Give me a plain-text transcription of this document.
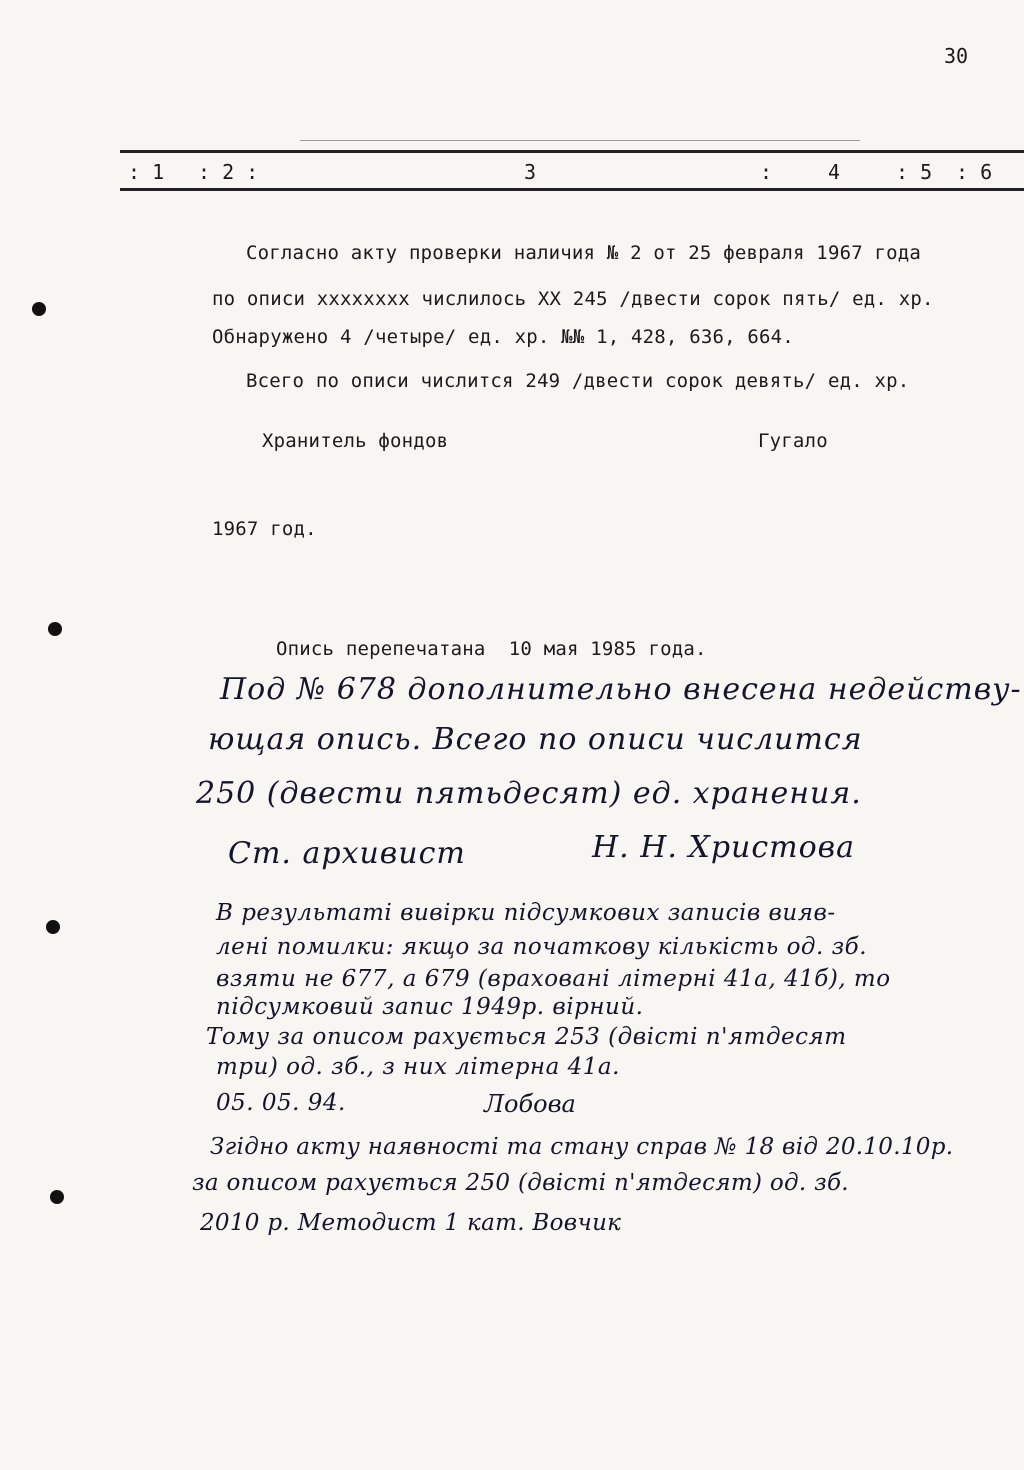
30
: 1 : 2 :	3	:	4	: 5 : 6
Согласно акту проверки наличия № 2 от 25 февраля 1967 года
по описи хххххххх числилось ХХ 245 /двести сорок пять/ ед. хр.
Обнаружено 4 /четыре/ ед. хр. №№ 1, 428, 636, 664.
Всего по описи числится 249 /двести сорок девять/ ед. хр.
Хранитель фондов	Гугало
1967 год.
Опись перепечатана  10 мая 1985 года.
Под № 678 дополнительно внесена недейству-
ющая опись. Всего по описи числится
250 (двести пятьдесят) ед. хранения.
Ст. архивист	Н. Н. Христова
В результаті вивірки підсумкових записів вияв-
лені помилки: якщо за початкову кількість од. зб.
взяти не 677, а 679 (враховані літерні 41а, 41б), то
підсумковий запис 1949р. вірний.
Тому за описом рахується 253 (двісті п'ятдесят
три) од. зб., з них літерна 41а.
05. 05. 94.	Лобова
Згідно акту наявності та стану справ № 18 від 20.10.10р.
за описом рахується 250 (двісті п'ятдесят) од. зб.
2010 р. Методист 1 кат. Вовчик
